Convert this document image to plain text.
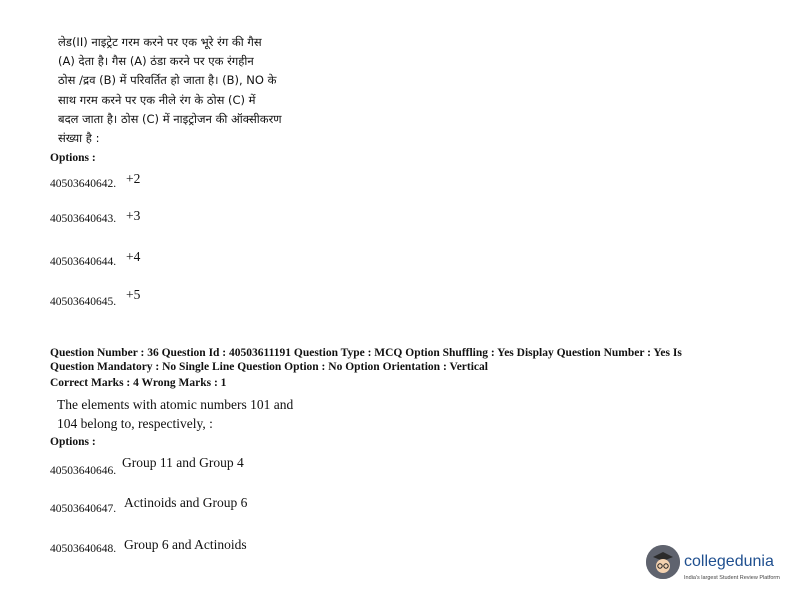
लेड(II) नाइट्रेट गरम करने पर एक भूरे रंग की गैस
(A) देता है। गैस (A) ठंडा करने पर एक रंगहीन
ठोस /द्रव (B) में परिवर्तित हो जाता है। (B), NO के
साथ गरम करने पर एक नीले रंग के ठोस (C) में
बदल जाता है। ठोस (C) में नाइट्रोजन की ऑक्सीकरण
संख्या है :
Options :
40503640642. +2
40503640643. +3
40503640644. +4
40503640645. +5
Question Number : 36 Question Id : 40503611191 Question Type : MCQ Option Shuffling : Yes Display Question Number : Yes Is
Question Mandatory : No Single Line Question Option : No Option Orientation : Vertical
Correct Marks : 4 Wrong Marks : 1
The elements with atomic numbers 101 and
104 belong to, respectively, :
Options :
40503640646.
Group 11 and Group 4
40503640647. Actinoids and Group 6
40503640648. Group 6 and Actinoids
collegedunia
India's largest Student Review Platform
